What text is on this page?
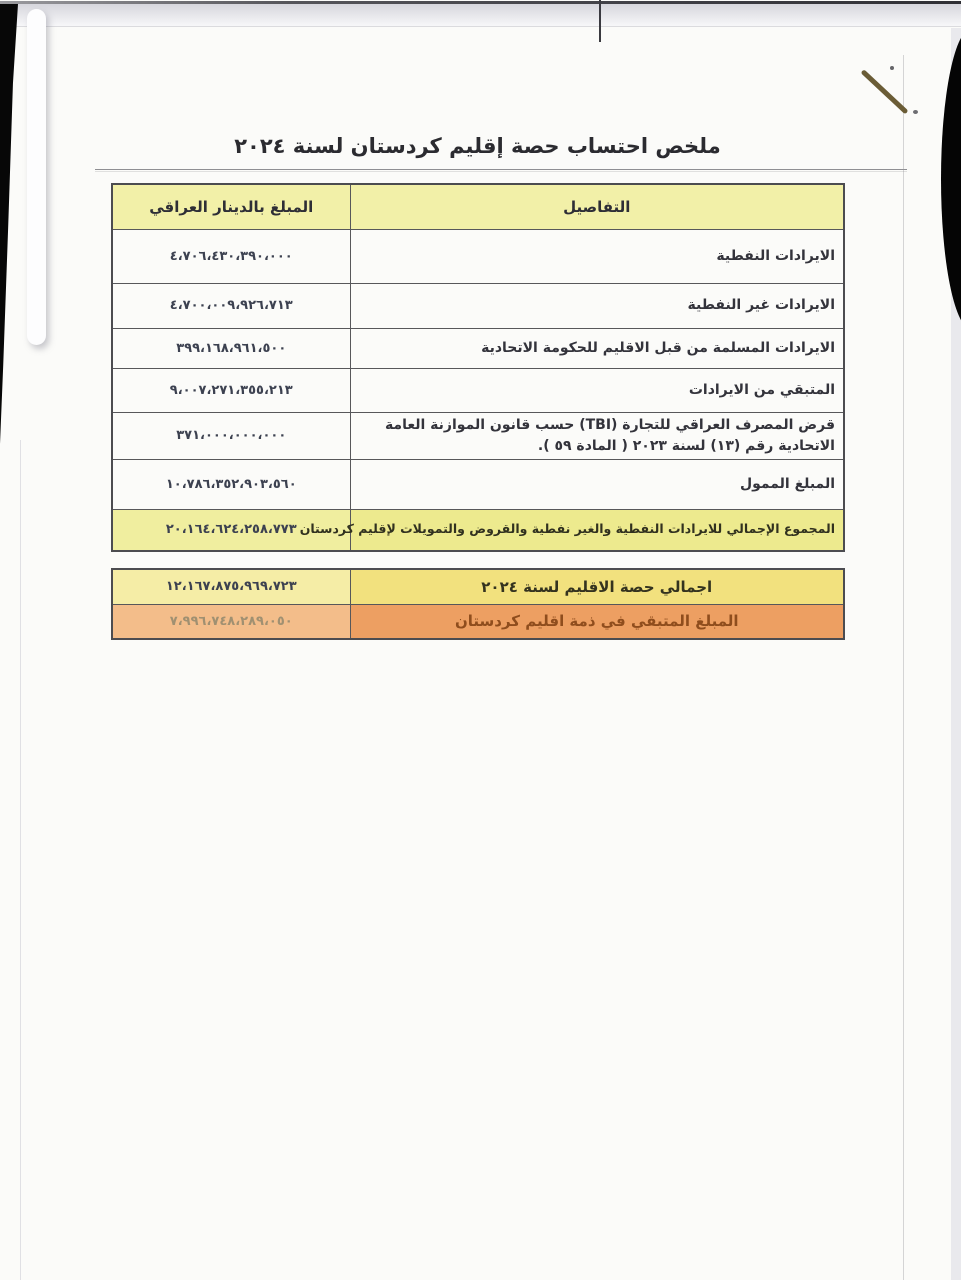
ملخص احتساب حصة إقليم كردستان لسنة ٢٠٢٤
التفاصيل	المبلغ بالدينار العراقي
الايرادات النفطية	٤،٧٠٦،٤٣٠،٣٩٠،٠٠٠
الايرادات غير النفطية	٤،٧٠٠،٠٠٩،٩٢٦،٧١٣
الايرادات المسلمة من قبل الاقليم للحكومة الاتحادية	٣٩٩،١٦٨،٩٦١،٥٠٠
المتبقي من الايرادات	٩،٠٠٧،٢٧١،٣٥٥،٢١٣
قرض المصرف العراقي للتجارة (TBI) حسب قانون الموازنة العامة الاتحادية رقم (١٣) لسنة ٢٠٢٣ ( المادة ٥٩ ).	٣٧١،٠٠٠،٠٠٠،٠٠٠
المبلغ الممول	١٠،٧٨٦،٣٥٢،٩٠٣،٥٦٠
المجموع الإجمالي للايرادات النفطية والغير نفطية والقروض والتمويلات لإقليم كردستان	٢٠،١٦٤،٦٢٤،٢٥٨،٧٧٣
اجمالي حصة الاقليم لسنة ٢٠٢٤	١٢،١٦٧،٨٧٥،٩٦٩،٧٢٣
المبلغ المتبقي في ذمة اقليم كردستان	٧،٩٩٦،٧٤٨،٢٨٩،٠٥٠
